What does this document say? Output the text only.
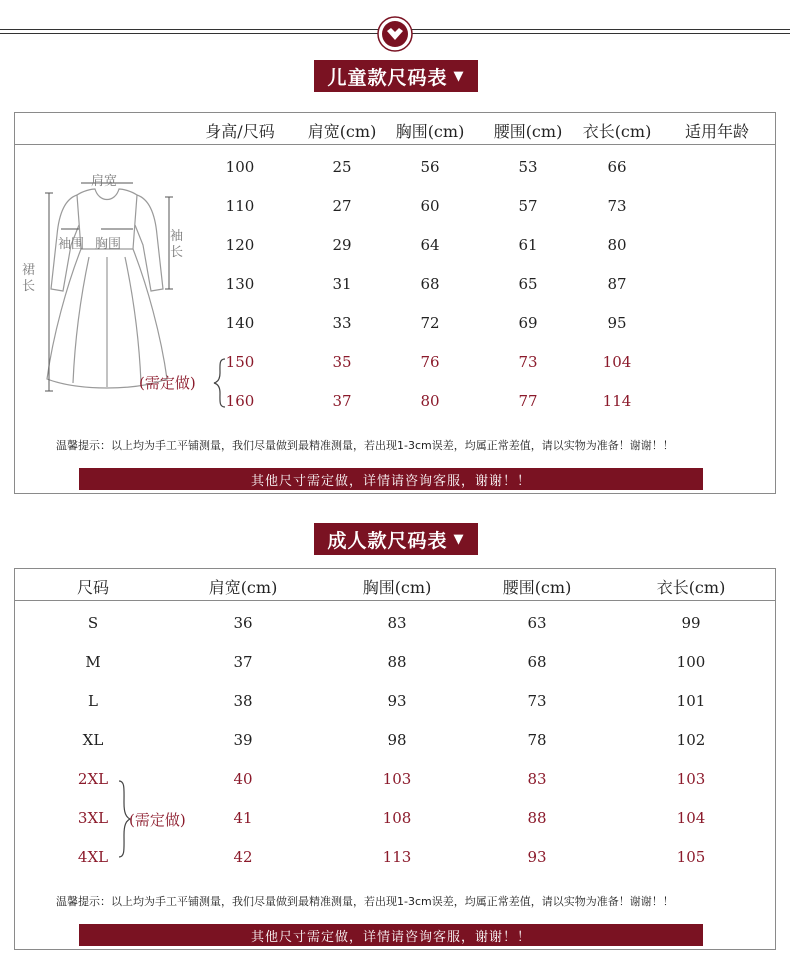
儿童款尺码表 ▼
身高/尺码 肩宽(cm) 胸围(cm) 腰围(cm) 衣长(cm) 适用年龄
肩宽
袖围 胸围
袖长
裙长
100	25	56	53	66
110	27	60	57	73
120	29	64	61	80
130	31	68	65	87
140	33	72	69	95
150	35	76	73	104
160	37	80	77	114
(需定做)
温馨提示：以上均为手工平铺测量，我们尽量做到最精准测量，若出现1-3cm误差，均属正常差值，请以实物为准备！谢谢！！
其他尺寸需定做，详情请咨询客服，谢谢！！
成人款尺码表 ▼
尺码	肩宽(cm)	胸围(cm)	腰围(cm)	衣长(cm)
S	36	83	63	99
M	37	88	68	100
L	38	93	73	101
XL	39	98	78	102
2XL	40	103	83	103
3XL	41	108	88	104
4XL	42	113	93	105
(需定做)
温馨提示：以上均为手工平铺测量，我们尽量做到最精准测量，若出现1-3cm误差，均属正常差值，请以实物为准备！谢谢！！
其他尺寸需定做，详情请咨询客服，谢谢！！
